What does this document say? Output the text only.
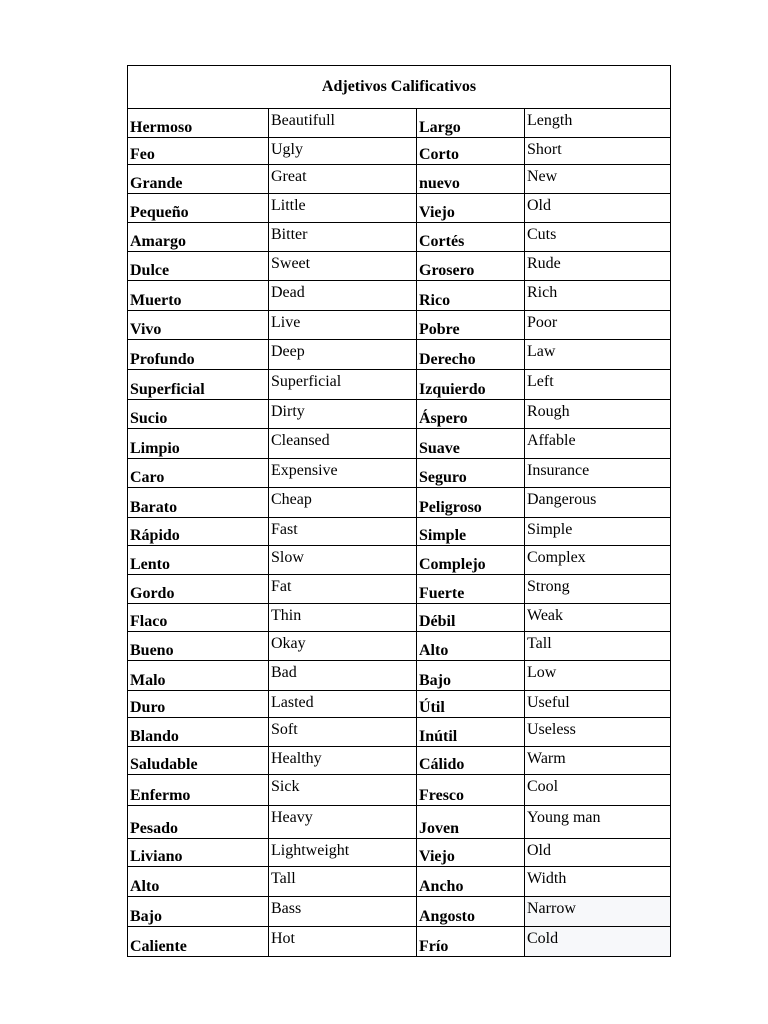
Adjetivos Calificativos			
Hermoso	Beautifull	Largo	Length
Feo	Ugly	Corto	Short
Grande	Great	nuevo	New
Pequeño	Little	Viejo	Old
Amargo	Bitter	Cortés	Cuts
Dulce	Sweet	Grosero	Rude
Muerto	Dead	Rico	Rich
Vivo	Live	Pobre	Poor
Profundo	Deep	Derecho	Law
Superficial	Superficial	Izquierdo	Left
Sucio	Dirty	Áspero	Rough
Limpio	Cleansed	Suave	Affable
Caro	Expensive	Seguro	Insurance
Barato	Cheap	Peligroso	Dangerous
Rápido	Fast	Simple	Simple
Lento	Slow	Complejo	Complex
Gordo	Fat	Fuerte	Strong
Flaco	Thin	Débil	Weak
Bueno	Okay	Alto	Tall
Malo	Bad	Bajo	Low
Duro	Lasted	Útil	Useful
Blando	Soft	Inútil	Useless
Saludable	Healthy	Cálido	Warm
Enfermo	Sick	Fresco	Cool
Pesado	Heavy	Joven	Young man
Liviano	Lightweight	Viejo	Old
Alto	Tall	Ancho	Width
Bajo	Bass	Angosto	Narrow
Caliente	Hot	Frío	Cold
